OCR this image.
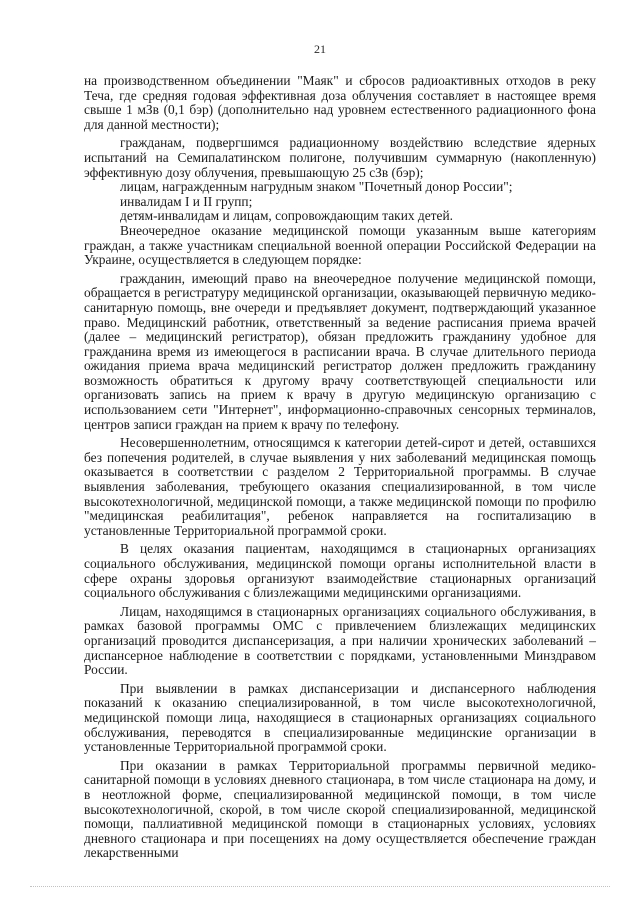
21

на производственном объединении "Маяк" и сбросов радиоактивных отходов в реку Теча, где средняя годовая эффективная доза облучения составляет в настоящее время свыше 1 мЗв (0,1 бэр) (дополнительно над уровнем естественного радиационного фона для данной местности);

гражданам, подвергшимся радиационному воздействию вследствие ядерных испытаний на Семипалатинском полигоне, получившим суммарную (накопленную) эффективную дозу облучения, превышающую 25 сЗв (бэр);

лицам, награжденным нагрудным знаком "Почетный донор России";

инвалидам I и II групп;

детям-инвалидам и лицам, сопровождающим таких детей.

Внеочередное оказание медицинской помощи указанным выше категориям граждан, а также участникам специальной военной операции Российской Федерации на Украине, осуществляется в следующем порядке:

гражданин, имеющий право на внеочередное получение медицинской помощи, обращается в регистратуру медицинской организации, оказывающей первичную медико-санитарную помощь, вне очереди и предъявляет документ, подтверждающий указанное право. Медицинский работник, ответственный за ведение расписания приема врачей (далее – медицинский регистратор), обязан предложить гражданину удобное для гражданина время из имеющегося в расписании врача. В случае длительного периода ожидания приема врача медицинский регистратор должен предложить гражданину возможность обратиться к другому врачу соответствующей специальности или организовать запись на прием к врачу в другую медицинскую организацию с использованием сети "Интернет", информационно-справочных сенсорных терминалов, центров записи граждан на прием к врачу по телефону.

Несовершеннолетним, относящимся к категории детей-сирот и детей, оставшихся без попечения родителей, в случае выявления у них заболеваний медицинская помощь оказывается в соответствии с разделом 2 Территориальной программы. В случае выявления заболевания, требующего оказания специализированной, в том числе высокотехнологичной, медицинской помощи, а также медицинской помощи по профилю "медицинская реабилитация", ребенок направляется на госпитализацию в установленные Территориальной программой сроки.

В целях оказания пациентам, находящимся в стационарных организациях социального обслуживания, медицинской помощи органы исполнительной власти в сфере охраны здоровья организуют взаимодействие стационарных организаций социального обслуживания с близлежащими медицинскими организациями.

Лицам, находящимся в стационарных организациях социального обслуживания, в рамках базовой программы ОМС с привлечением близлежащих медицинских организаций проводится диспансеризация, а при наличии хронических заболеваний – диспансерное наблюдение в соответствии с порядками, установленными Минздравом России.

При выявлении в рамках диспансеризации и диспансерного наблюдения показаний к оказанию специализированной, в том числе высокотехнологичной, медицинской помощи лица, находящиеся в стационарных организациях социального обслуживания, переводятся в специализированные медицинские организации в установленные Территориальной программой сроки.

При оказании в рамках Территориальной программы первичной медико-санитарной помощи в условиях дневного стационара, в том числе стационара на дому, и в неотложной форме, специализированной медицинской помощи, в том числе высокотехнологичной, скорой, в том числе скорой специализированной, медицинской помощи, паллиативной медицинской помощи в стационарных условиях, условиях дневного стационара и при посещениях на дому осуществляется обеспечение граждан лекарственными
